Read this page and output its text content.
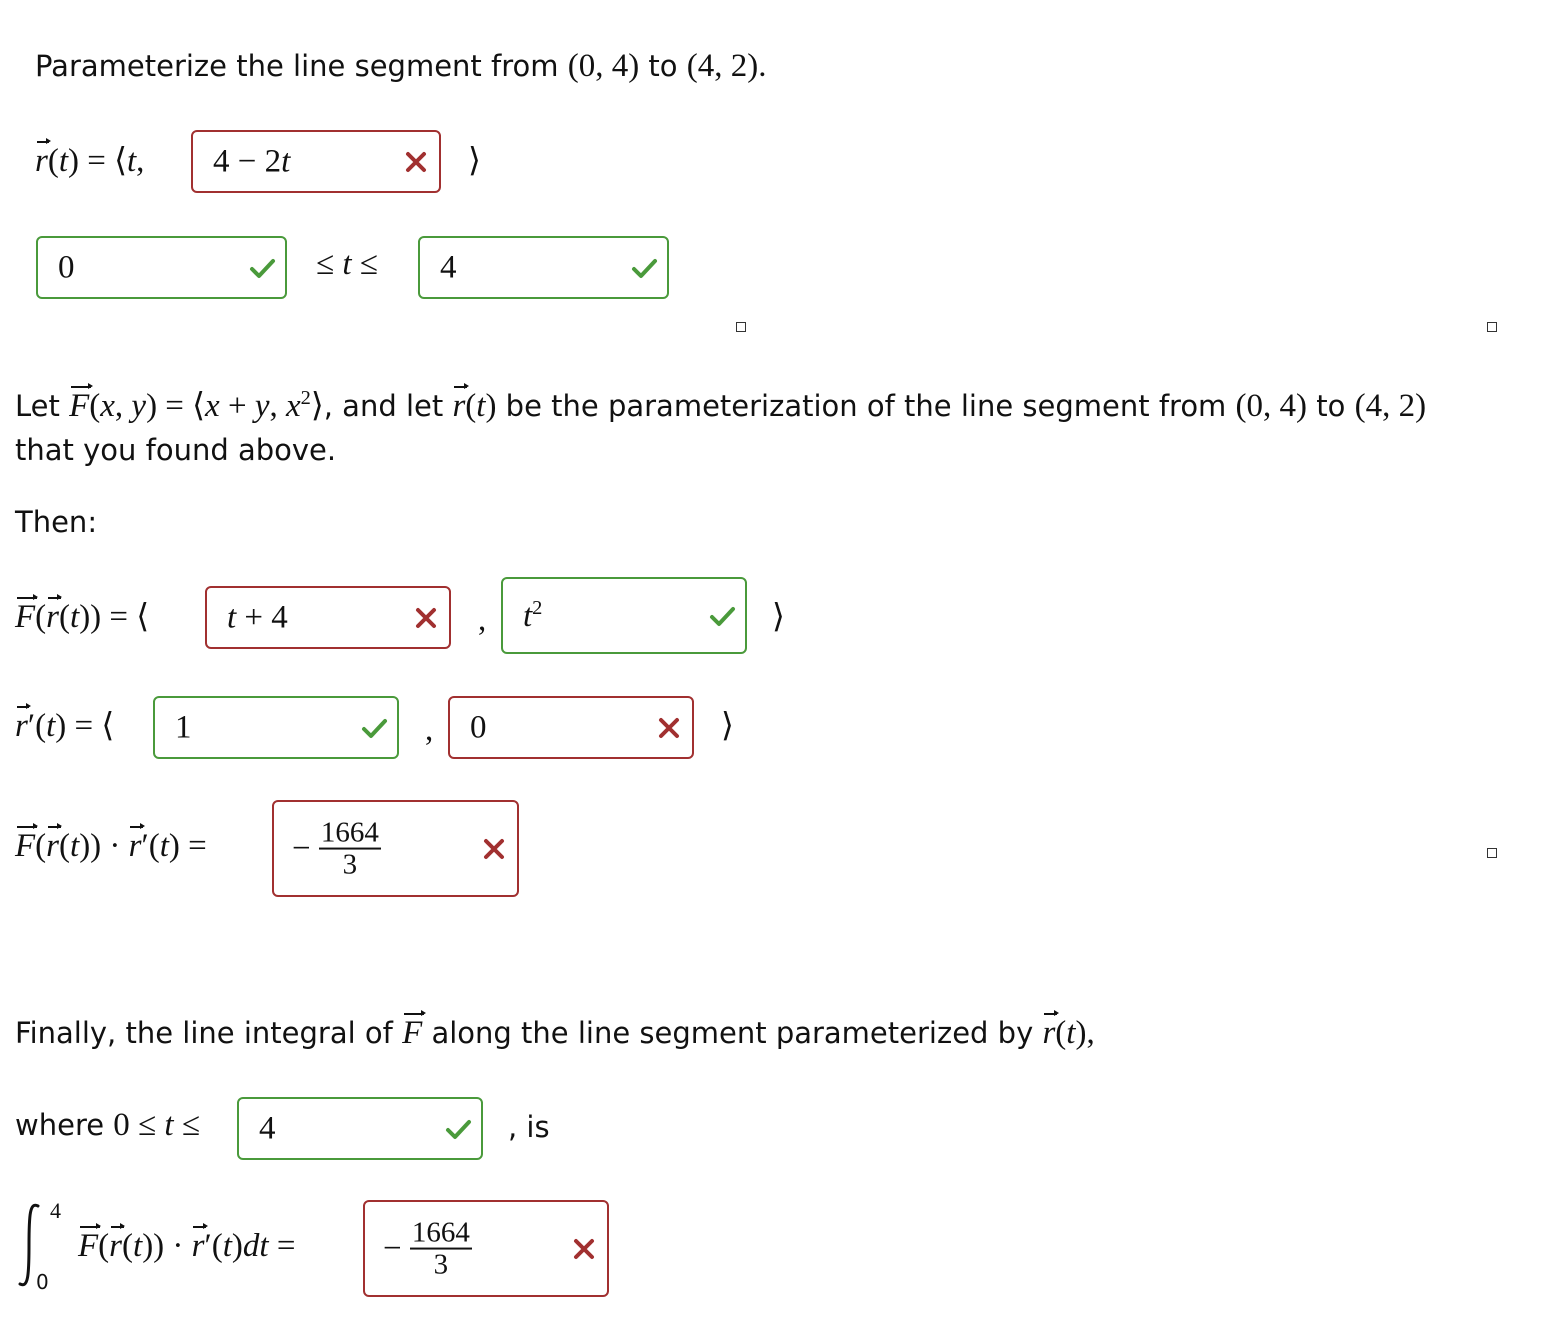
Parameterize the line segment from (0, 4) to (4, 2).
r(t) = ⟨t, 4 − 2t	⟩
0	≤ t ≤ 4
Let F(x, y) = ⟨x + y, $x^2⟩$, and let r(t) be the parameterization of the line segment from (0, 4) to (4, 2)
that you found above.
Then:
F(r(t)) = ⟨ t + 4	, $t^2$	⟩
r′(t) = ⟨ 1	, 0	⟩
F(r(t)) · r′(t) =	− $\frac{1664}{3}$
Finally, the line integral of F along the line segment parameterized by r(t),
where 0 ≤ t ≤ 4	, is
4
0
F(r(t)) · r′(t)dt =	− $\frac{1664}{3}$
